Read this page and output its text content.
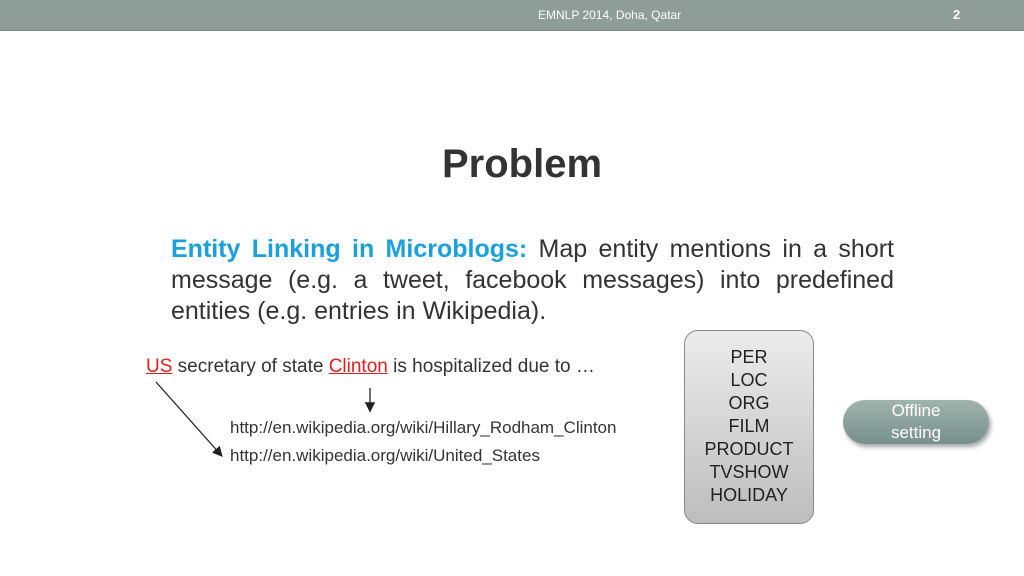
EMNLP 2014, Doha, Qatar	2
Problem
Entity Linking in Microblogs: Map entity mentions in a short message (e.g. a tweet, facebook messages) into predefined entities (e.g. entries in Wikipedia).
US secretary of state Clinton is hospitalized due to …
http://en.wikipedia.org/wiki/Hillary_Rodham_Clinton
http://en.wikipedia.org/wiki/United_States
PER
LOC
ORG
FILM
PRODUCT
TVSHOW
HOLIDAY
Offline
setting
